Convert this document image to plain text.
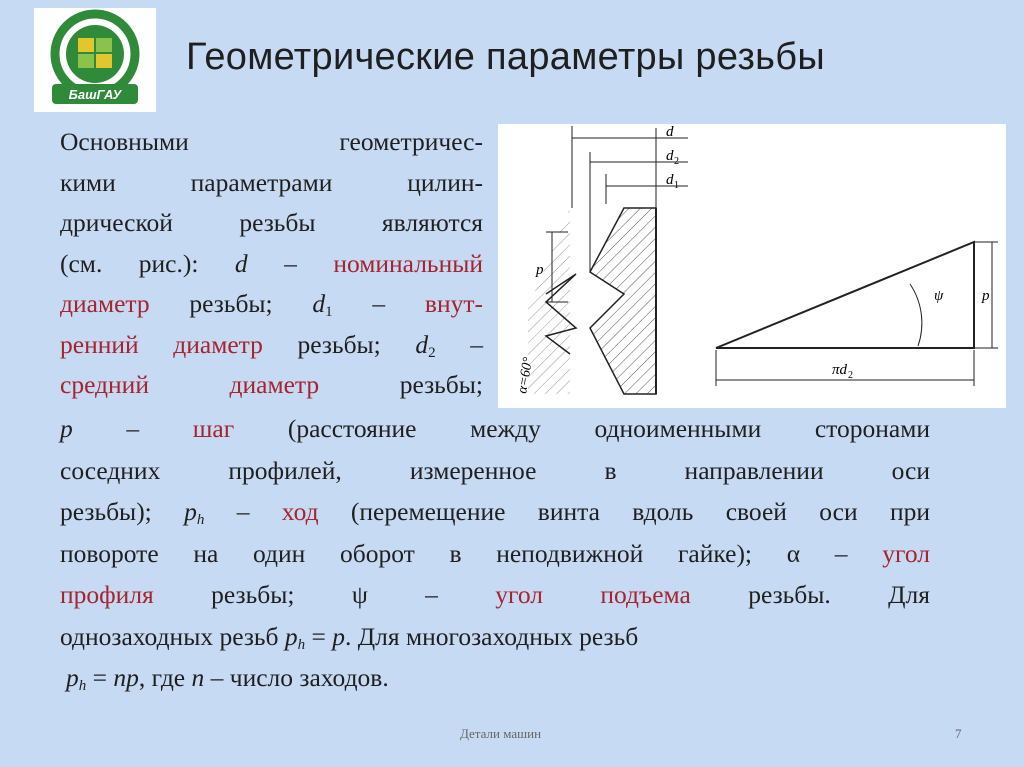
БашГАУ
Геометрические параметры резьбы
Основными геометричес-
кими параметрами цилин-
дрической резьбы являются
(см. рис.): d – номинальный
диаметр резьбы; $d_1$ – внут-
ренний диаметр резьбы; $d_2$ –
средний диаметр резьбы;
d
d 2
d 1
p
α=60°
ψ	p
πd 2
p – шаг (расстояние между одноименными сторонами
соседних профилей, измеренное в направлении оси
резьбы); $p_h$ – ход (перемещение винта вдоль своей оси при
повороте на один оборот в неподвижной гайке); α – угол
профиля резьбы; ψ – угол подъема резьбы. Для
однозаходных резьб $p_h = p$. Для многозаходных резьб
$p_h$ = np, где n – число заходов.
Детали машин	7
